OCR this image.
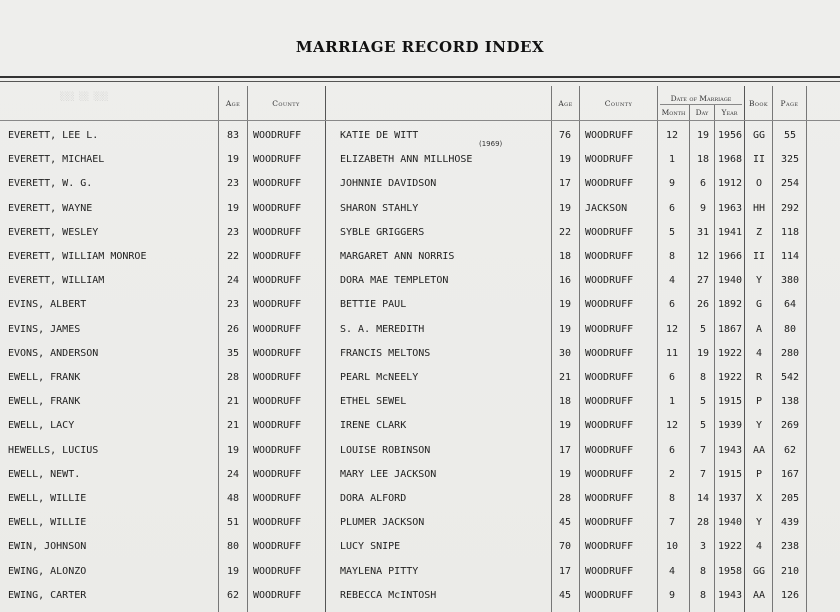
MARRIAGE RECORD INDEX
░░░ ░░ ░░░
Age	County	Age	County
Date of Marriage
Month	Day	Year
Book	Page
(1969)
EVERETT, LEE L.	83	WOODRUFF	KATIE DE WITT	76	WOODRUFF	12	19 1956	GG	55
EVERETT, MICHAEL	19	WOODRUFF	ELIZABETH ANN MILLHOSE	19	WOODRUFF	1	18 1968	II	325
EVERETT, W. G.	23	WOODRUFF	JOHNNIE DAVIDSON	17	WOODRUFF	9	6	1912	O	254
EVERETT, WAYNE	19	WOODRUFF	SHARON STAHLY	19	JACKSON	6	9	1963	HH	292
EVERETT, WESLEY	23	WOODRUFF	SYBLE GRIGGERS	22	WOODRUFF	5	31 1941	Z	118
EVERETT, WILLIAM MONROE	22	WOODRUFF	MARGARET ANN NORRIS	18	WOODRUFF	8	12 1966	II	114
EVERETT, WILLIAM	24	WOODRUFF	DORA MAE TEMPLETON	16	WOODRUFF	4	27 1940	Y	380
EVINS, ALBERT	23	WOODRUFF	BETTIE PAUL	19	WOODRUFF	6	26 1892	G	64
EVINS, JAMES	26	WOODRUFF	S. A. MEREDITH	19	WOODRUFF	12	5	1867	A	80
EVONS, ANDERSON	35	WOODRUFF	FRANCIS MELTONS	30	WOODRUFF	11	19 1922	4	280
EWELL, FRANK	28	WOODRUFF	PEARL McNEELY	21	WOODRUFF	6	8	1922	R	542
EWELL, FRANK	21	WOODRUFF	ETHEL SEWEL	18	WOODRUFF	1	5	1915	P	138
EWELL, LACY	21	WOODRUFF	IRENE CLARK	19	WOODRUFF	12	5	1939	Y	269
HEWELLS, LUCIUS	19	WOODRUFF	LOUISE ROBINSON	17	WOODRUFF	6	7	1943	AA	62
EWELL, NEWT.	24	WOODRUFF	MARY LEE JACKSON	19	WOODRUFF	2	7	1915	P	167
EWELL, WILLIE	48	WOODRUFF	DORA ALFORD	28	WOODRUFF	8	14 1937	X	205
EWELL, WILLIE	51	WOODRUFF	PLUMER JACKSON	45	WOODRUFF	7	28 1940	Y	439
EWIN, JOHNSON	80	WOODRUFF	LUCY SNIPE	70	WOODRUFF	10	3	1922	4	238
EWING, ALONZO	19	WOODRUFF	MAYLENA PITTY	17	WOODRUFF	4	8	1958	GG	210
EWING, CARTER	62	WOODRUFF	REBECCA McINTOSH	45	WOODRUFF	9	8	1943	AA	126
